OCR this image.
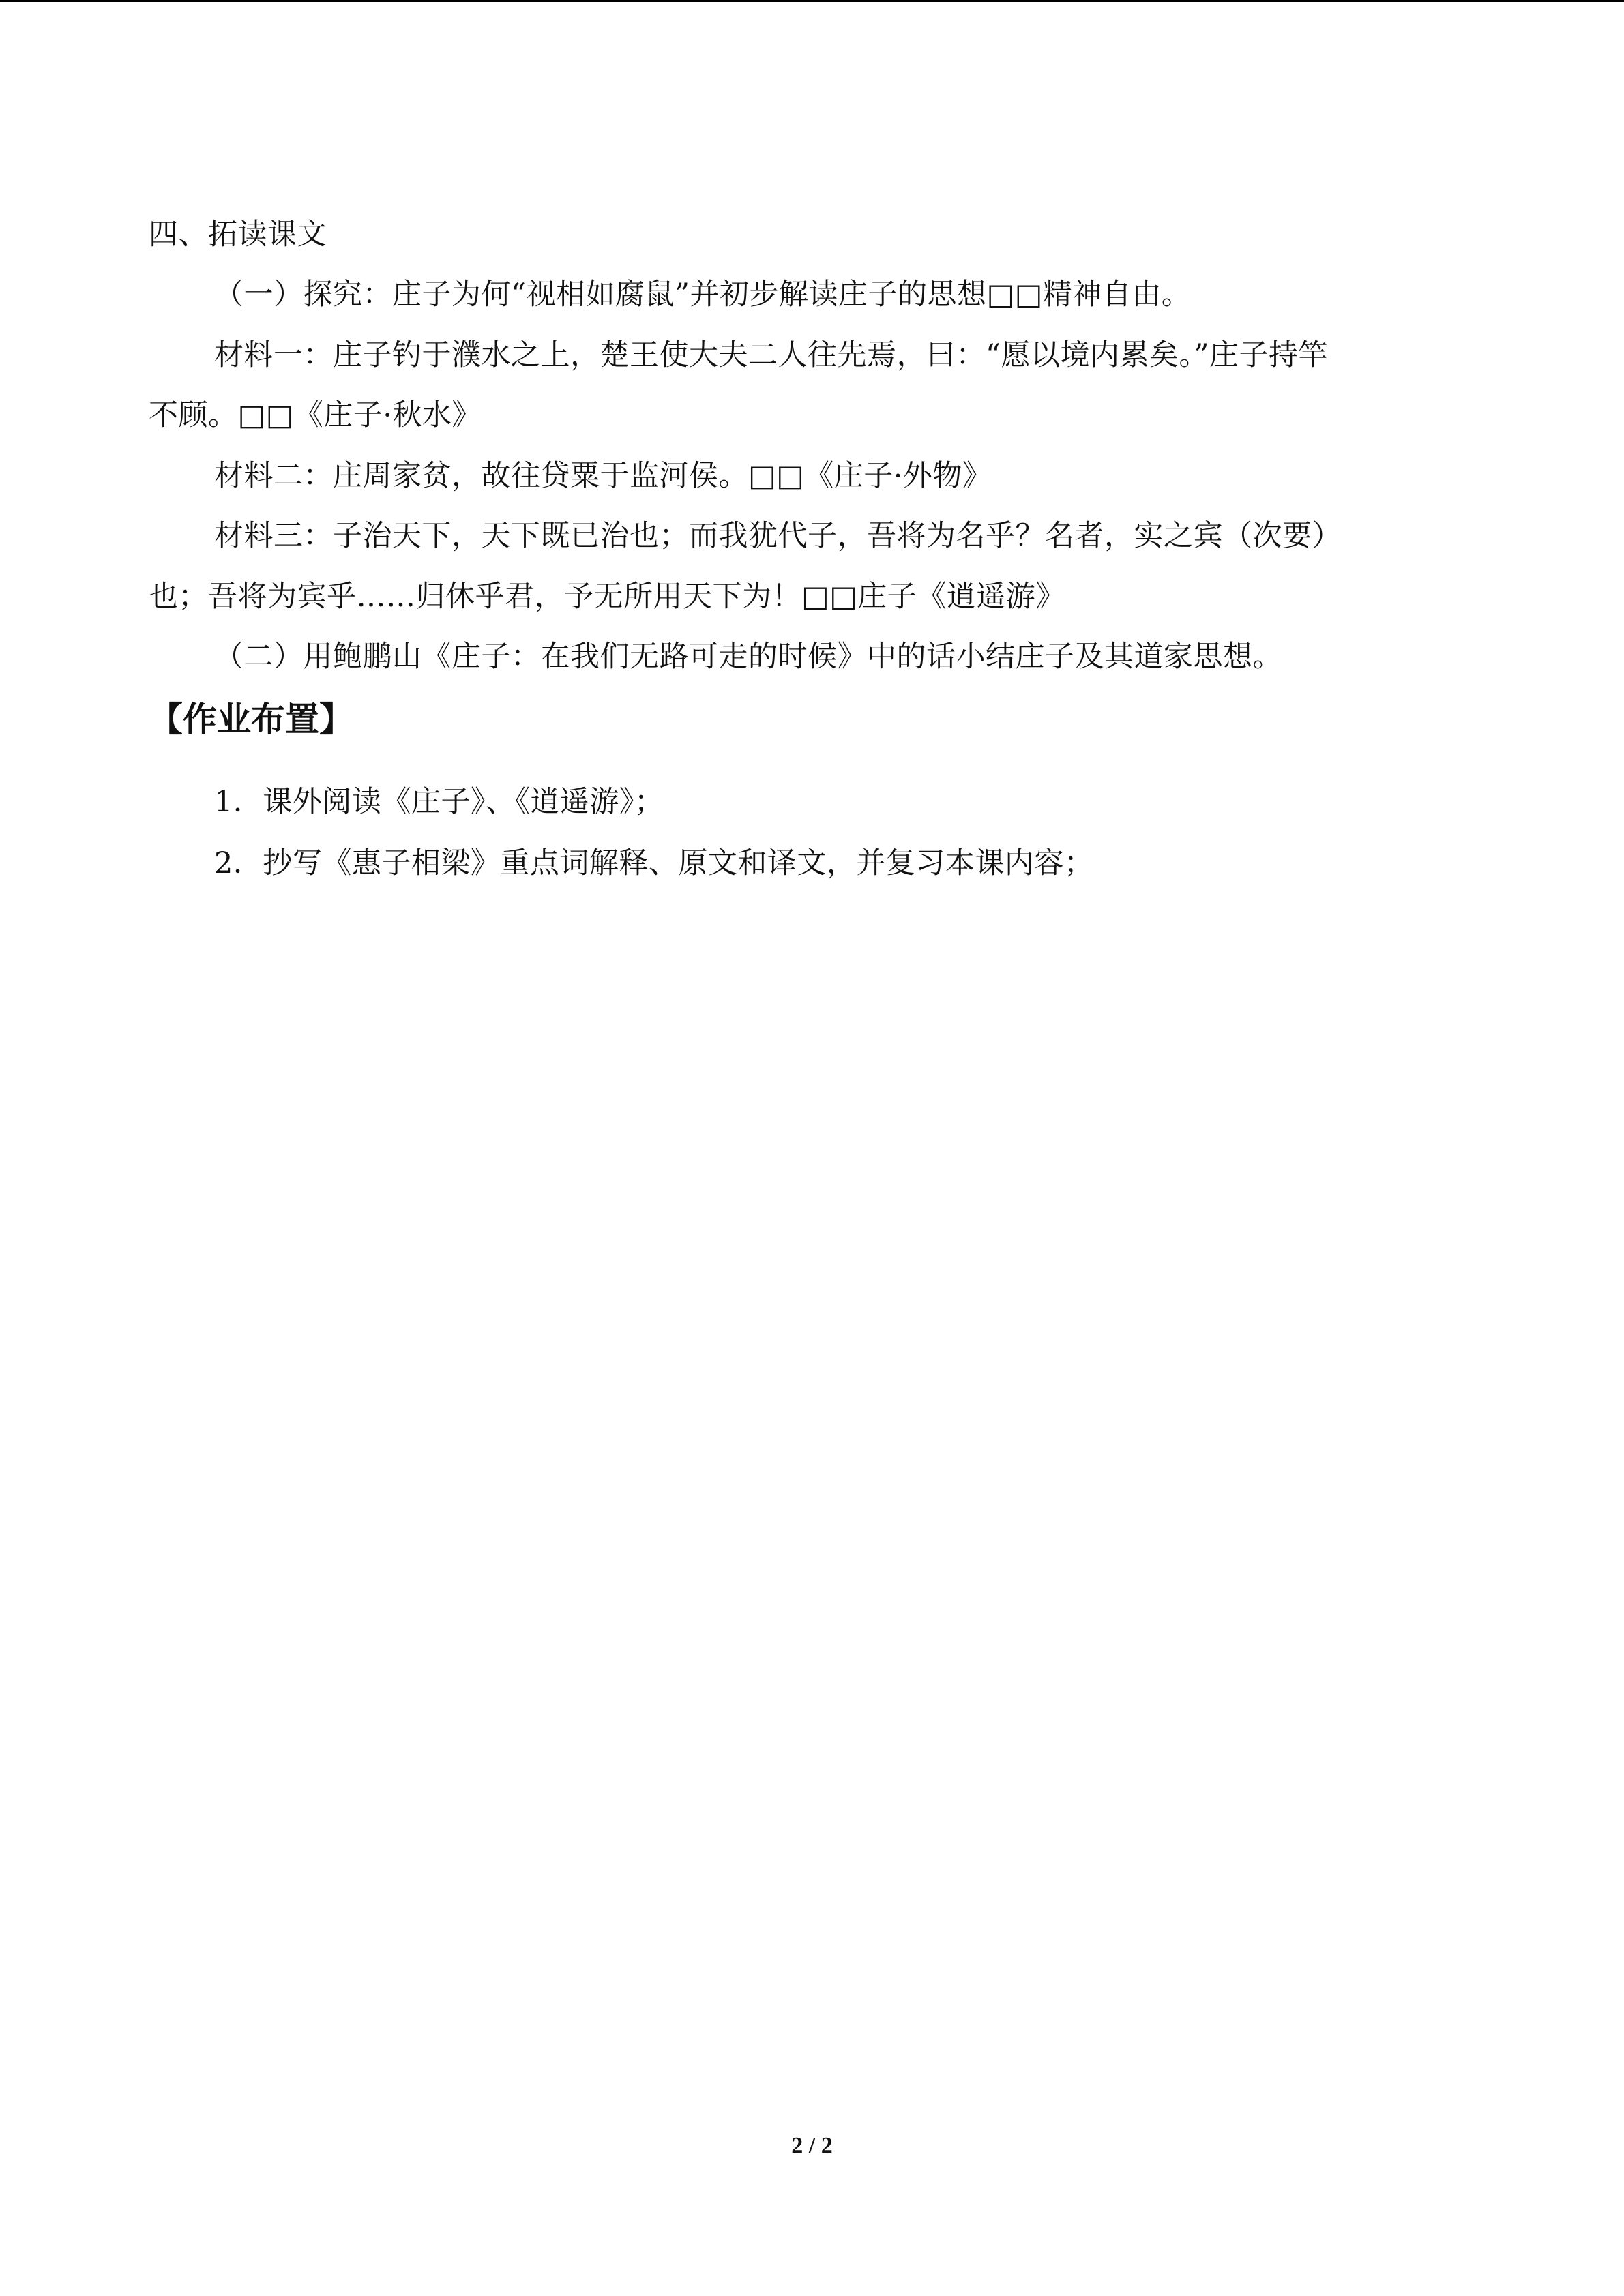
四、拓读课文
（一）探究：庄子为何“视相如腐鼠”并初步解读庄子的思想□□精神自由。
材料一：庄子钓于濮水之上，楚王使大夫二人往先焉，曰：“愿以境内累矣。”庄子持竿
不顾。□□《庄子·秋水》
材料二：庄周家贫，故往贷粟于监河侯。□□《庄子·外物》
材料三：子治天下，天下既已治也；而我犹代子，吾将为名乎？名者，实之宾（次要）
也；吾将为宾乎……归休乎君，予无所用天下为！□□庄子《逍遥游》
（二）用鲍鹏山《庄子：在我们无路可走的时候》中的话小结庄子及其道家思想。
【作业布置】
1．课外阅读《庄子》、《逍遥游》；
2．抄写《惠子相梁》重点词解释、原文和译文，并复习本课内容；
2 / 2
